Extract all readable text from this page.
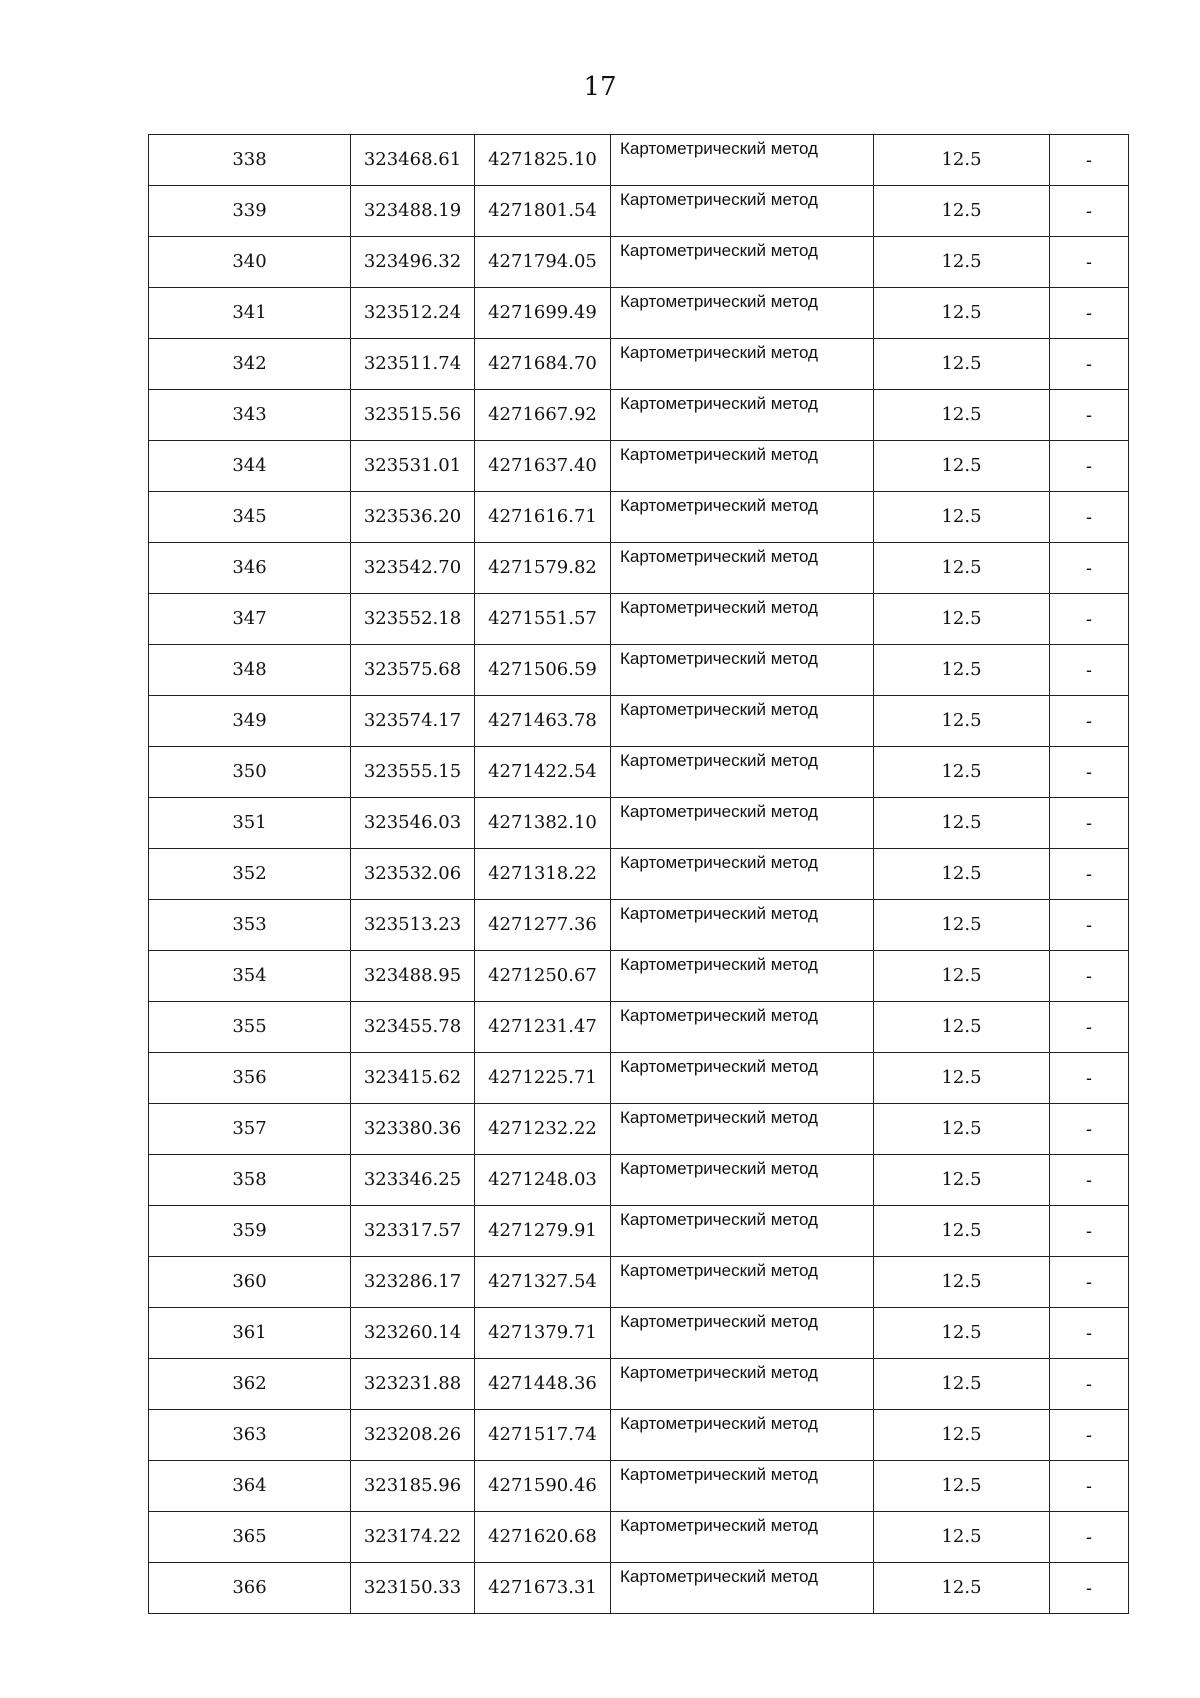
17
338	323468.61	4271825.10	Картометрический метод	12.5	-
339	323488.19	4271801.54	Картометрический метод	12.5	-
340	323496.32	4271794.05	Картометрический метод	12.5	-
341	323512.24	4271699.49	Картометрический метод	12.5	-
342	323511.74	4271684.70	Картометрический метод	12.5	-
343	323515.56	4271667.92	Картометрический метод	12.5	-
344	323531.01	4271637.40	Картометрический метод	12.5	-
345	323536.20	4271616.71	Картометрический метод	12.5	-
346	323542.70	4271579.82	Картометрический метод	12.5	-
347	323552.18	4271551.57	Картометрический метод	12.5	-
348	323575.68	4271506.59	Картометрический метод	12.5	-
349	323574.17	4271463.78	Картометрический метод	12.5	-
350	323555.15	4271422.54	Картометрический метод	12.5	-
351	323546.03	4271382.10	Картометрический метод	12.5	-
352	323532.06	4271318.22	Картометрический метод	12.5	-
353	323513.23	4271277.36	Картометрический метод	12.5	-
354	323488.95	4271250.67	Картометрический метод	12.5	-
355	323455.78	4271231.47	Картометрический метод	12.5	-
356	323415.62	4271225.71	Картометрический метод	12.5	-
357	323380.36	4271232.22	Картометрический метод	12.5	-
358	323346.25	4271248.03	Картометрический метод	12.5	-
359	323317.57	4271279.91	Картометрический метод	12.5	-
360	323286.17	4271327.54	Картометрический метод	12.5	-
361	323260.14	4271379.71	Картометрический метод	12.5	-
362	323231.88	4271448.36	Картометрический метод	12.5	-
363	323208.26	4271517.74	Картометрический метод	12.5	-
364	323185.96	4271590.46	Картометрический метод	12.5	-
365	323174.22	4271620.68	Картометрический метод	12.5	-
366	323150.33	4271673.31	Картометрический метод	12.5	-
